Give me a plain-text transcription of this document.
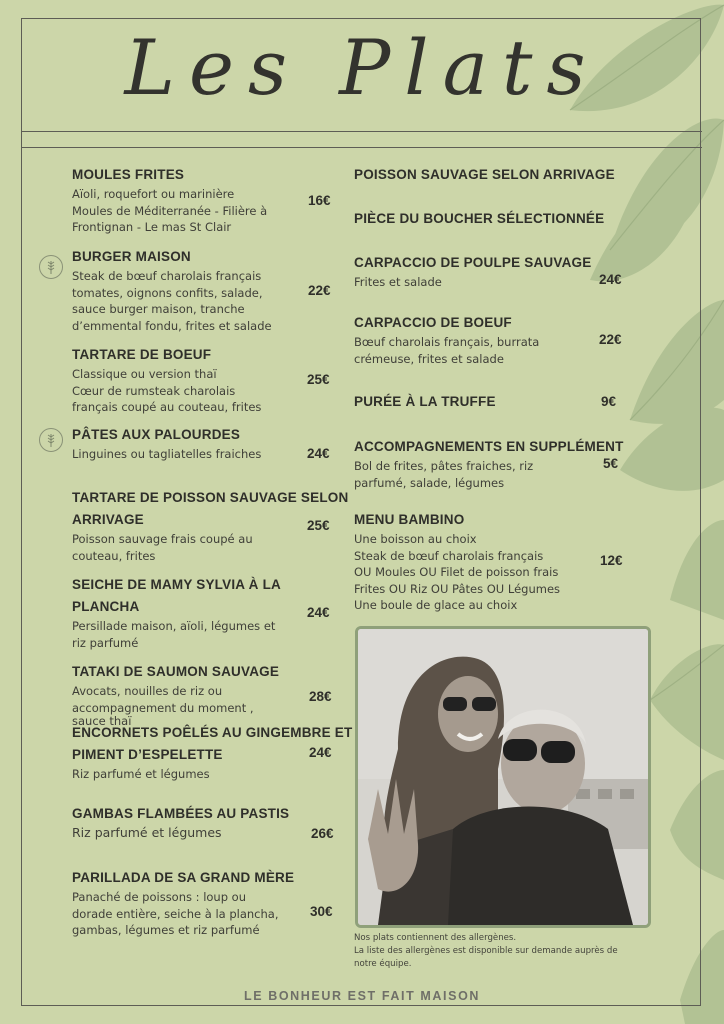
Les Plats
MOULES FRITES
Aïoli, roquefort ou marinière
Moules de Méditerranée - Filière à
Frontignan - Le mas St Clair
16€
BURGER MAISON
Steak de bœuf charolais français
tomates, oignons confits, salade,
sauce burger maison, tranche
d’emmental fondu, frites et salade
22€
TARTARE DE BOEUF
Classique ou version thaï
Cœur de rumsteak charolais
français coupé au couteau, frites
25€
PÂTES AUX PALOURDES
Linguines ou tagliatelles fraiches	24€
TARTARE DE POISSON SAUVAGE SELON
ARRIVAGE
Poisson sauvage frais coupé au
couteau, frites
25€
SEICHE DE MAMY SYLVIA À LA
PLANCHA
Persillade maison, aïoli, légumes et
riz parfumé
24€
TATAKI DE SAUMON SAUVAGE
Avocats, nouilles de riz ou
accompagnement du moment ,
sauce thaï
28€
ENCORNETS POÊLÉS AU GINGEMBRE ET
PIMENT D’ESPELETTE
Riz parfumé et légumes
24€
GAMBAS FLAMBÉES AU PASTIS
Riz parfumé et légumes	26€
PARILLADA DE SA GRAND MÈRE
Panaché de poissons : loup ou
dorade entière, seiche à la plancha,
gambas, légumes et riz parfumé
30€
POISSON SAUVAGE SELON ARRIVAGE
PIÈCE DU BOUCHER SÉLECTIONNÉE
CARPACCIO DE POULPE SAUVAGE
Frites et salade	24€
CARPACCIO DE BOEUF
Bœuf charolais français, burrata
crémeuse, frites et salade
22€
PURÉE À LA TRUFFE	9€
ACCOMPAGNEMENTS EN SUPPLÉMENT
Bol de frites, pâtes fraiches, riz
parfumé, salade, légumes
5€
MENU BAMBINO
Une boisson au choix
Steak de bœuf charolais français
OU Moules OU Filet de poisson frais
Frites OU Riz OU Pâtes OU Légumes
Une boule de glace au choix
12€
Nos plats contiennent des allergènes.
La liste des allergènes est disponible sur demande auprès de
notre équipe.
LE BONHEUR EST FAIT MAISON
